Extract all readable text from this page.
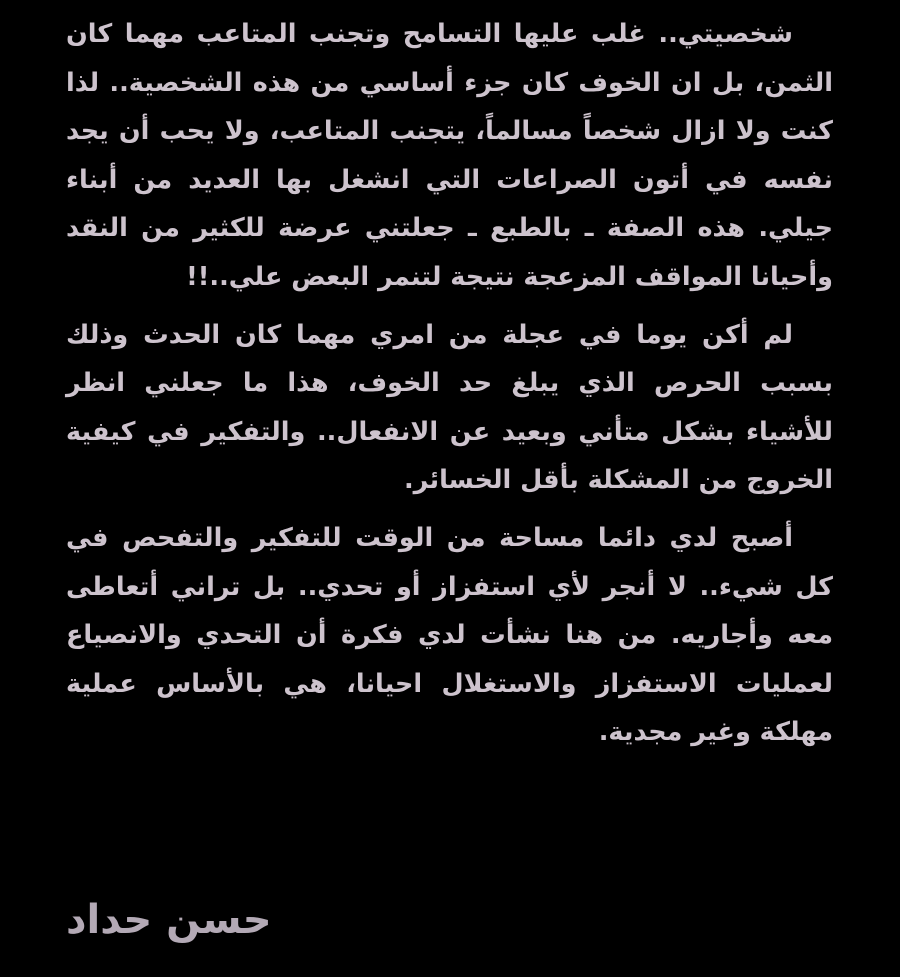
شخصيتي.. غلب عليها التسامح وتجنب المتاعب مهما كان الثمن، بل ان الخوف كان جزء أساسي من هذه الشخصية.. لذا كنت ولا ازال شخصاً مسالماً، يتجنب المتاعب، ولا يحب أن يجد نفسه في أتون الصراعات التي انشغل بها العديد من أبناء جيلي. هذه الصفة ـ بالطبع ـ جعلتني عرضة للكثير من النقد وأحيانا المواقف المزعجة نتيجة لتنمر البعض علي..!!

لم أكن يوما في عجلة من امري مهما كان الحدث وذلك بسبب الحرص الذي يبلغ حد الخوف، هذا ما جعلني انظر للأشياء بشكل متأني وبعيد عن الانفعال.. والتفكير في كيفية الخروج من المشكلة بأقل الخسائر.

أصبح لدي دائما مساحة من الوقت للتفكير والتفحص في كل شيء.. لا أنجر لأي استفزاز أو تحدي.. بل تراني أتعاطى معه وأجاريه. من هنا نشأت لدي فكرة أن التحدي والانصياع لعمليات الاستفزاز والاستغلال احيانا، هي بالأساس عملية مهلكة وغير مجدية.

حسن حداد
